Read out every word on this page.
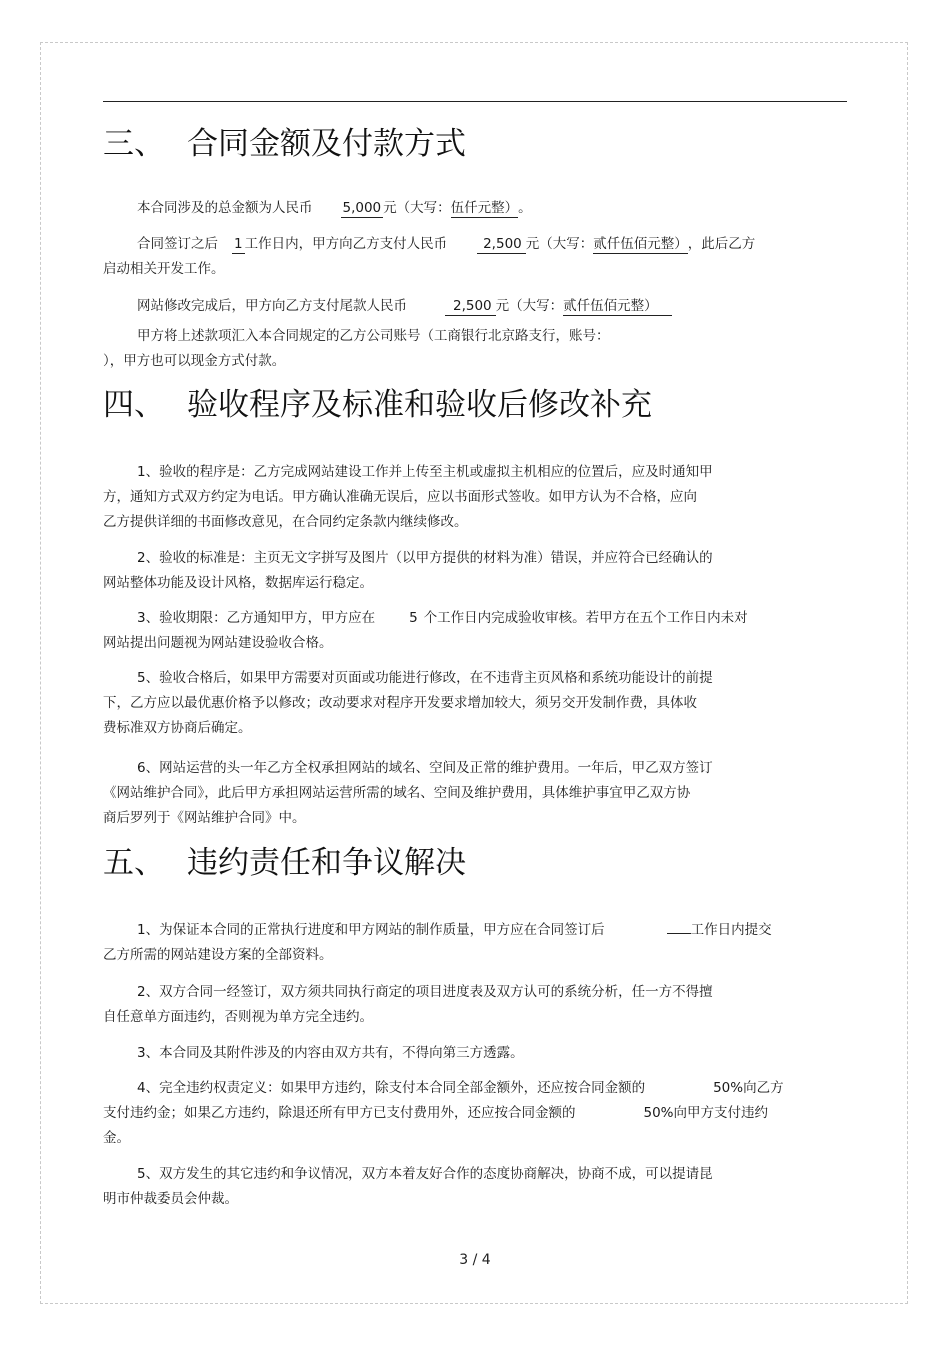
三、 合同金额及付款方式
本合同涉及的总金额为人民币 5,000 元（大写：伍仟元整）。
合同签订之后 1 工作日内，甲方向乙方支付人民币	2,500 元（大写：贰仟伍佰元整），此后乙方
启动相关开发工作。
网站修改完成后，甲方向乙方支付尾款人民币	2,500 元（大写：贰仟伍佰元整）
甲方将上述款项汇入本合同规定的乙方公司账号（工商银行北京路支行，账号：
），甲方也可以现金方式付款。
四、 验收程序及标准和验收后修改补充
1、验收的程序是：乙方完成网站建设工作并上传至主机或虚拟主机相应的位置后，应及时通知甲
方，通知方式双方约定为电话。甲方确认准确无误后，应以书面形式签收。如甲方认为不合格，应向
乙方提供详细的书面修改意见，在合同约定条款内继续修改。
2、验收的标准是：主页无文字拼写及图片（以甲方提供的材料为准）错误，并应符合已经确认的
网站整体功能及设计风格，数据库运行稳定。
3、验收期限：乙方通知甲方，甲方应在	5 个工作日内完成验收审核。若甲方在五个工作日内未对
网站提出问题视为网站建设验收合格。
5、验收合格后，如果甲方需要对页面或功能进行修改，在不违背主页风格和系统功能设计的前提
下，乙方应以最优惠价格予以修改；改动要求对程序开发要求增加较大，须另交开发制作费，具体收
费标准双方协商后确定。
6、网站运营的头一年乙方全权承担网站的域名、空间及正常的维护费用。一年后，甲乙双方签订
《网站维护合同》，此后甲方承担网站运营所需的域名、空间及维护费用，具体维护事宜甲乙双方协
商后罗列于《网站维护合同》中。
五、 违约责任和争议解决
1、为保证本合同的正常执行进度和甲方网站的制作质量，甲方应在合同签订后	工作日内提交
乙方所需的网站建设方案的全部资料。
2、双方合同一经签订，双方须共同执行商定的项目进度表及双方认可的系统分析，任一方不得擅
自任意单方面违约，否则视为单方完全违约。
3、本合同及其附件涉及的内容由双方共有，不得向第三方透露。
4、完全违约权责定义：如果甲方违约，除支付本合同全部金额外，还应按合同金额的	50%向乙方
支付违约金；如果乙方违约，除退还所有甲方已支付费用外，还应按合同金额的	50%向甲方支付违约
金。
5、双方发生的其它违约和争议情况，双方本着友好合作的态度协商解决，协商不成，可以提请昆
明市仲裁委员会仲裁。
3 / 4
